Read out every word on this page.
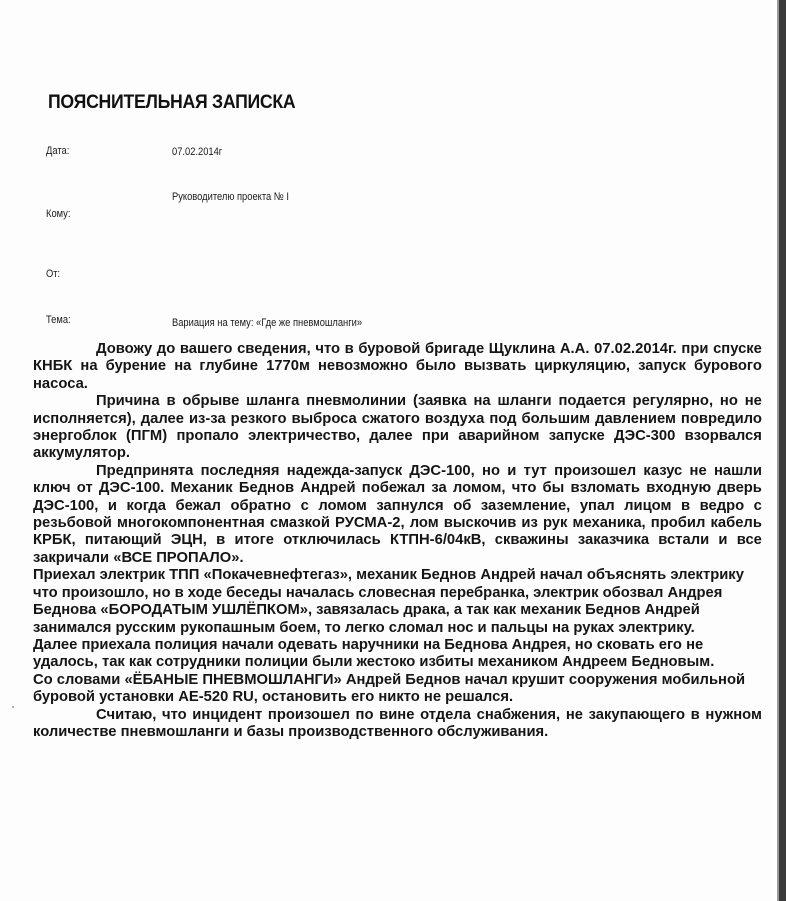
ПОЯСНИТЕЛЬНАЯ ЗАПИСКА
Дата:	07.02.2014г
Руководителю проекта № I
Кому:
От:
Тема:	Вариация на тему: «Где же пневмошланги»

Довожу до вашего сведения, что в буровой бригаде Щуклина А.А. 07.02.2014г. при спуске КНБК на бурение на глубине 1770м невозможно было вызвать циркуляцию, запуск бурового насоса.

Причина в обрыве шланга пневмолинии (заявка на шланги подается регулярно, но не исполняется), далее из-за резкого выброса сжатого воздуха под большим давлением повредило энергоблок (ПГМ) пропало электричество, далее при аварийном запуске ДЭС-300 взорвался аккумулятор.

Предпринята последняя надежда-запуск ДЭС-100, но и тут произошел казус не нашли ключ от ДЭС-100. Механик Беднов Андрей побежал за ломом, что бы взломать входную дверь ДЭС-100, и когда бежал обратно с ломом запнулся об заземление, упал лицом в ведро с резьбовой многокомпонентная смазкой РУСМА-2, лом выскочив из рук механика, пробил кабель КРБК, питающий ЭЦН, в итоге отключилась КТПН-6/04кВ, скважины заказчика встали и все закричали «ВСЕ ПРОПАЛО».

Приехал электрик ТПП «Покачевнефтегаз», механик Беднов Андрей начал объяснять электрику что произошло, но в ходе беседы началась словесная перебранка, электрик обозвал Андрея Беднова «БОРОДАТЫМ УШЛЁПКОМ», завязалась драка, а так как механик Беднов Андрей занимался русским рукопашным боем, то легко сломал нос и пальцы на руках электрику.

Далее приехала полиция начали одевать наручники на Беднова Андрея, но сковать его не удалось, так как сотрудники полиции были жестоко избиты механиком Андреем Бедновым.

Со словами «ЁБАНЫЕ ПНЕВМОШЛАНГИ» Андрей Беднов начал крушит сооружения мобильной буровой установки АЕ-520 RU, остановить его никто не решался.

Считаю, что инцидент произошел по вине отдела снабжения, не закупающего в нужном количестве пневмошланги и базы производственного обслуживания.
